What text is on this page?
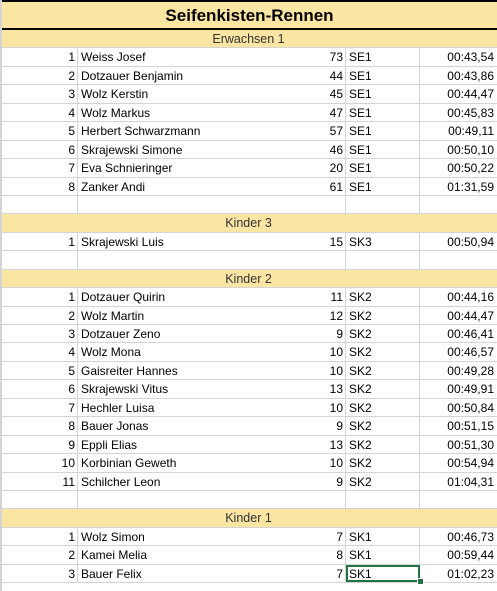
Seifenkisten-Rennen
Erwachsen 1
1 Weiss Josef	73 SE1	00:43,54
2 Dotzauer Benjamin	44 SE1	00:43,86
3 Wolz Kerstin	45 SE1	00:44,47
4 Wolz Markus	47 SE1	00:45,83
5 Herbert Schwarzmann	57 SE1	00:49,11
6 Skrajewski Simone	46 SE1	00:50,10
7 Eva Schnieringer	20 SE1	00:50,22
8 Zanker Andi	61 SE1	01:31,59
Kinder 3
1 Skrajewski Luis	15 SK3	00:50,94
Kinder 2
1 Dotzauer Quirin	11 SK2	00:44,16
2 Wolz Martin	12 SK2	00:44,47
3 Dotzauer Zeno	9 SK2	00:46,41
4 Wolz Mona	10 SK2	00:46,57
5 Gaisreiter Hannes	10 SK2	00:49,28
6 Skrajewski Vitus	13 SK2	00:49,91
7 Hechler Luisa	10 SK2	00:50,84
8 Bauer Jonas	9 SK2	00:51,15
9 Eppli Elias	13 SK2	00:51,30
10 Korbinian Geweth	10 SK2	00:54,94
11 Schilcher Leon	9 SK2	01:04,31
Kinder 1
1 Wolz Simon	7 SK1	00:46,73
2 Kamei Melia	8 SK1	00:59,44
3 Bauer Felix	7 SK1	01:02,23
